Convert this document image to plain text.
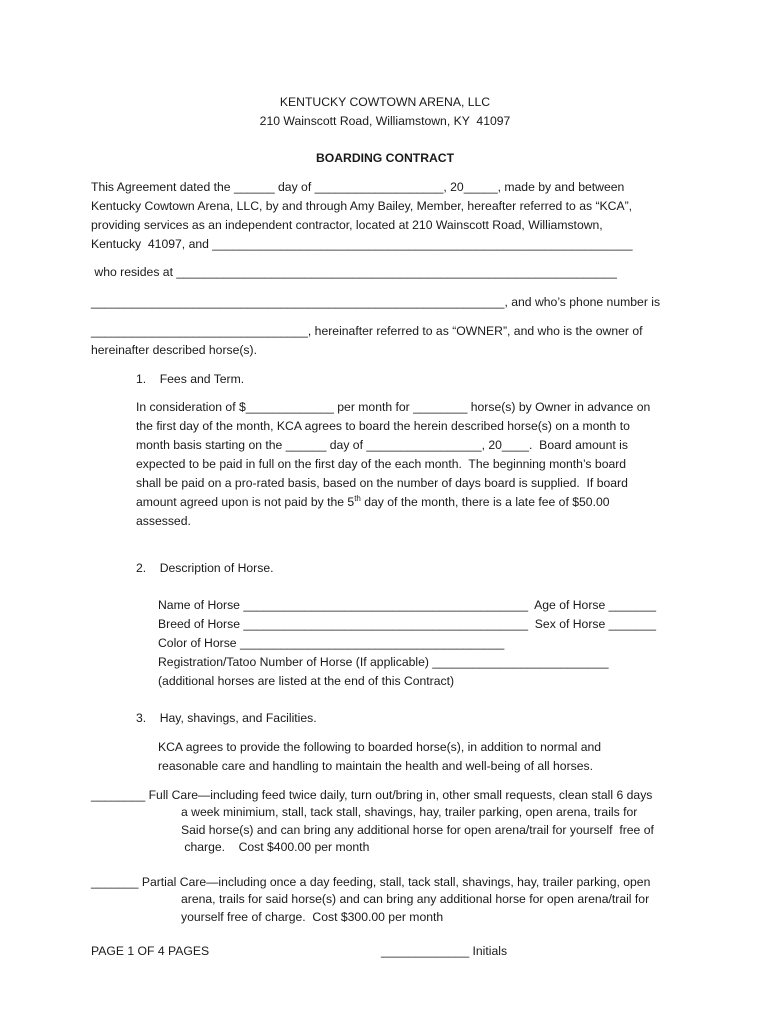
KENTUCKY COWTOWN ARENA, LLC
210 Wainscott Road, Williamstown, KY  41097
BOARDING CONTRACT
This Agreement dated the ______ day of ___________________, 20_____, made by and between
Kentucky Cowtown Arena, LLC, by and through Amy Bailey, Member, hereafter referred to as “KCA”,
providing services as an independent contractor, located at 210 Wainscott Road, Williamstown,
Kentucky  41097, and ______________________________________________________________
who resides at _________________________________________________________________
_____________________________________________________________, and who’s phone number is
________________________________, hereinafter referred to as “OWNER”, and who is the owner of
hereinafter described horse(s).
1.    Fees and Term.
In consideration of $_____________ per month for ________ horse(s) by Owner in advance on
the first day of the month, KCA agrees to board the herein described horse(s) on a month to
month basis starting on the ______ day of _________________, 20____.  Board amount is
expected to be paid in full on the first day of the each month.  The beginning month’s board
shall be paid on a pro-rated basis, based on the number of days board is supplied.  If board
amount agreed upon is not paid by the 5th day of the month, there is a late fee of $50.00
assessed.
2.    Description of Horse.
Name of Horse __________________________________________  Age of Horse _______
Breed of Horse __________________________________________  Sex of Horse _______
Color of Horse _______________________________________
Registration/Tatoo Number of Horse (If applicable) __________________________
(additional horses are listed at the end of this Contract)
3.    Hay, shavings, and Facilities.
KCA agrees to provide the following to boarded horse(s), in addition to normal and
reasonable care and handling to maintain the health and well-being of all horses.
________ Full Care—including feed twice daily, turn out/bring in, other small requests, clean stall 6 days
a week minimium, stall, tack stall, shavings, hay, trailer parking, open arena, trails for
Said horse(s) and can bring any additional horse for open arena/trail for yourself  free of
charge.    Cost $400.00 per month
_______ Partial Care—including once a day feeding, stall, tack stall, shavings, hay, trailer parking, open
arena, trails for said horse(s) and can bring any additional horse for open arena/trail for
yourself free of charge.  Cost $300.00 per month
PAGE 1 OF 4 PAGES	_____________ Initials
